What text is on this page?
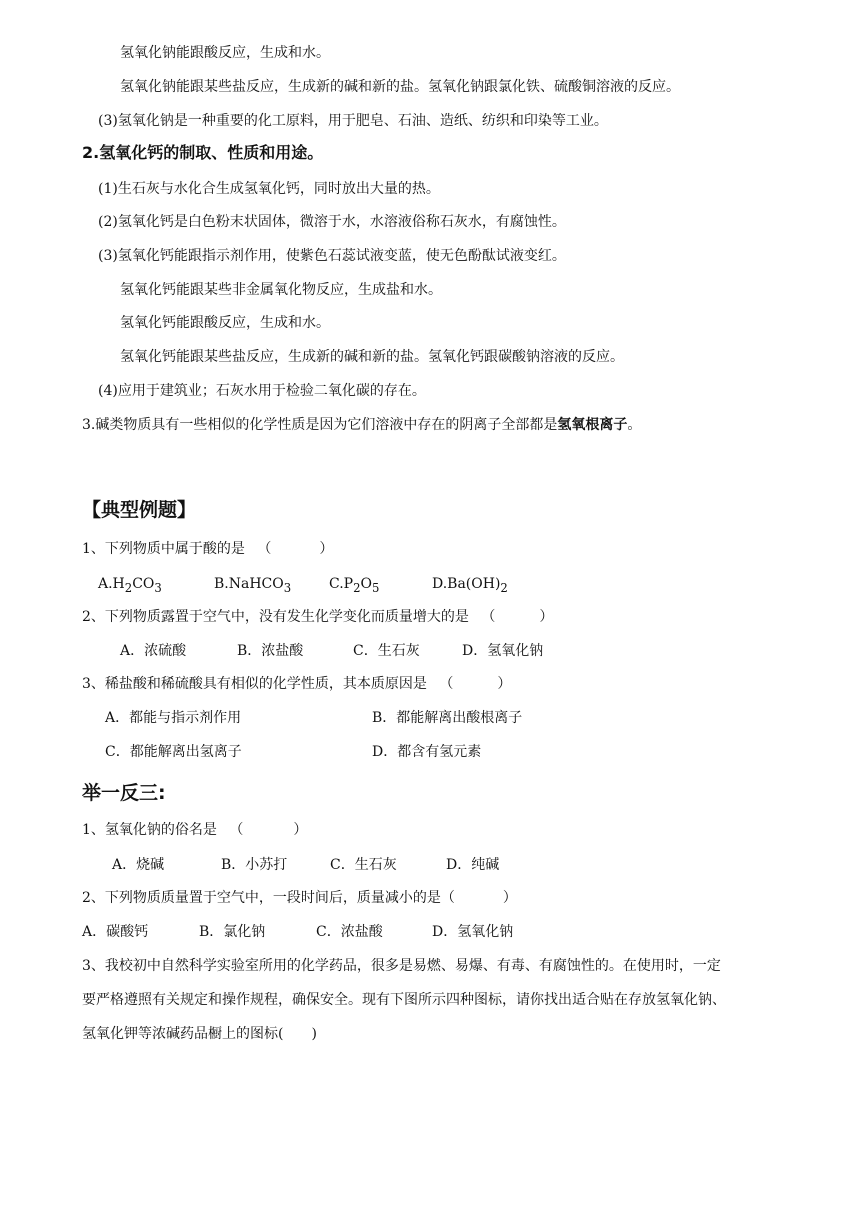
氢氧化钠能跟酸反应，生成和水。
氢氧化钠能跟某些盐反应，生成新的碱和新的盐。氢氧化钠跟氯化铁、硫酸铜溶液的反应。
(3)氢氧化钠是一种重要的化工原料，用于肥皂、石油、造纸、纺织和印染等工业。
2.氢氧化钙的制取、性质和用途。
(1)生石灰与水化合生成氢氧化钙，同时放出大量的热。
(2)氢氧化钙是白色粉末状固体，微溶于水，水溶液俗称石灰水，有腐蚀性。
(3)氢氧化钙能跟指示剂作用，使紫色石蕊试液变蓝，使无色酚酞试液变红。
氢氧化钙能跟某些非金属氧化物反应，生成盐和水。
氢氧化钙能跟酸反应，生成和水。
氢氧化钙能跟某些盐反应，生成新的碱和新的盐。氢氧化钙跟碳酸钠溶液的反应。
(4)应用于建筑业；石灰水用于检验二氧化碳的存在。
3.碱类物质具有一些相似的化学性质是因为它们溶液中存在的阴离子全部都是氢氧根离子。
【典型例题】
1、下列物质中属于酸的是 （	）
$A.H_2CO_3$	B.NaHCO$_3$	$C.P_2O_5$	$D.Ba(OH)_2$
2、下列物质露置于空气中，没有发生化学变化而质量增大的是 （	）
A．浓硫酸	B．浓盐酸	C．生石灰	D．氢氧化钠
3、稀盐酸和稀硫酸具有相似的化学性质，其本质原因是 （	）
A．都能与指示剂作用	B．都能解离出酸根离子
C．都能解离出氢离子	D．都含有氢元素
举一反三:
1、氢氧化钠的俗名是 （	）
A．烧碱	B．小苏打	C．生石灰	D．纯碱
2、下列物质质量置于空气中，一段时间后，质量减小的是（	）
A．碳酸钙	B．氯化钠	C．浓盐酸	D．氢氧化钠
3、我校初中自然科学实验室所用的化学药品，很多是易燃、易爆、有毒、有腐蚀性的。在使用时，一定
要严格遵照有关规定和操作规程，确保安全。现有下图所示四种图标，请你找出适合贴在存放氢氧化钠、
氢氧化钾等浓碱药品橱上的图标( )
